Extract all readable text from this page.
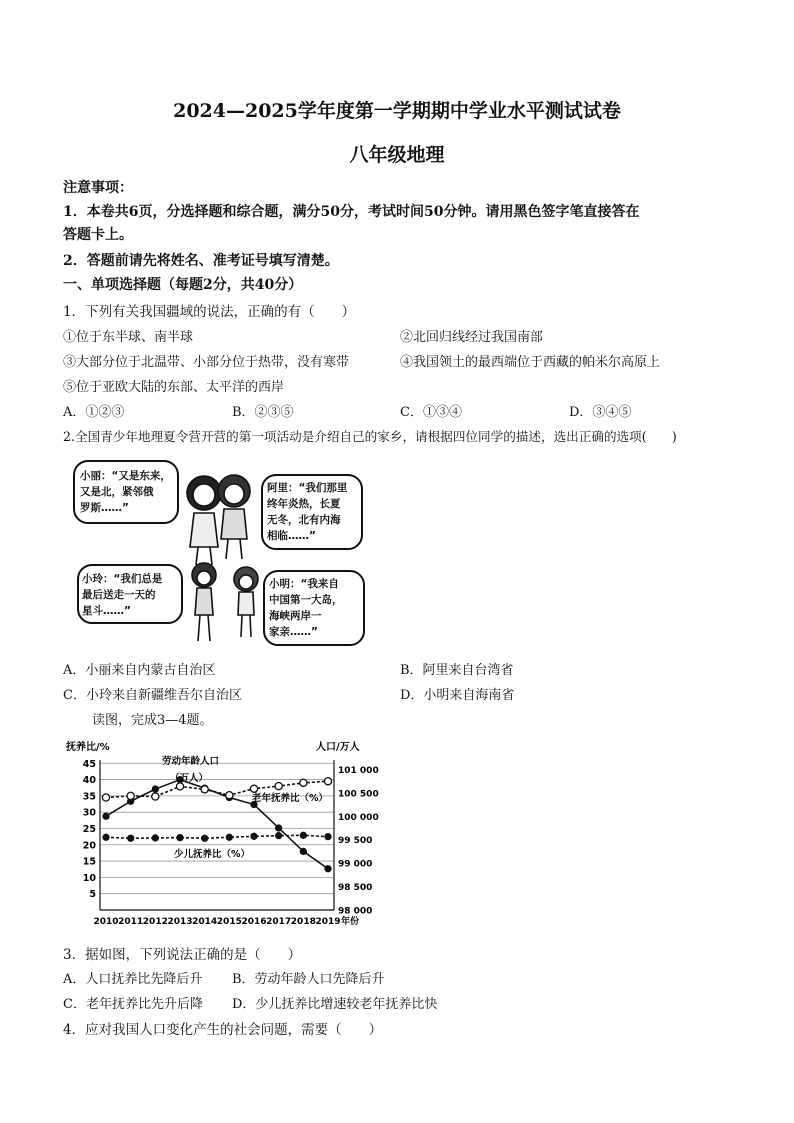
2024—2025学年度第一学期期中学业水平测试试卷
八年级地理
注意事项：
1．本卷共6页，分选择题和综合题，满分50分，考试时间50分钟。请用黑色签字笔直接答在
答题卡上。
2．答题前请先将姓名、准考证号填写清楚。
一、单项选择题（每题2分，共40分）
1．下列有关我国疆域的说法，正确的有（　　）
①位于东半球、南半球	②北回归线经过我国南部
③大部分位于北温带、小部分位于热带，没有寒带	④我国领土的最西端位于西藏的帕米尔高原上
⑤位于亚欧大陆的东部、太平洋的西岸
A．①②③	B．②③⑤	C．①③④	D．③④⑤
2.全国青少年地理夏令营开营的第一项活动是介绍自己的家乡，请根据四位同学的描述，选出正确的选项(　　)
小丽：“又是东来，
又是北，紧邻俄
罗斯……”
阿里：“我们那里
终年炎热，长夏
无冬，北有内海
相临……”
小玲：“我们总是
最后送走一天的
星斗……”
小明：“我来自
中国第一大岛，
海峡两岸一
家亲……”
A．小丽来自内蒙古自治区	B．阿里来自台湾省
C．小玲来自新疆维吾尔自治区	D．小明来自海南省
读图，完成3—4题。
抚养比/%	人口/万人
5
10
15
20
25
30
35
40
45
98 000
98 500
99 000
99 500
100 000
100 500
101 000
2010 2011 2012 2013 2014 2015 2016 2017 2018 2019 年份
劳动年龄人口
（万人）
老年抚养比（%）
少儿抚养比（%）
3．据如图，下列说法正确的是（　　）
A．人口抚养比先降后升 B．劳动年龄人口先降后升
C．老年抚养比先升后降 D．少儿抚养比增速较老年抚养比快
4．应对我国人口变化产生的社会问题，需要（　　）
